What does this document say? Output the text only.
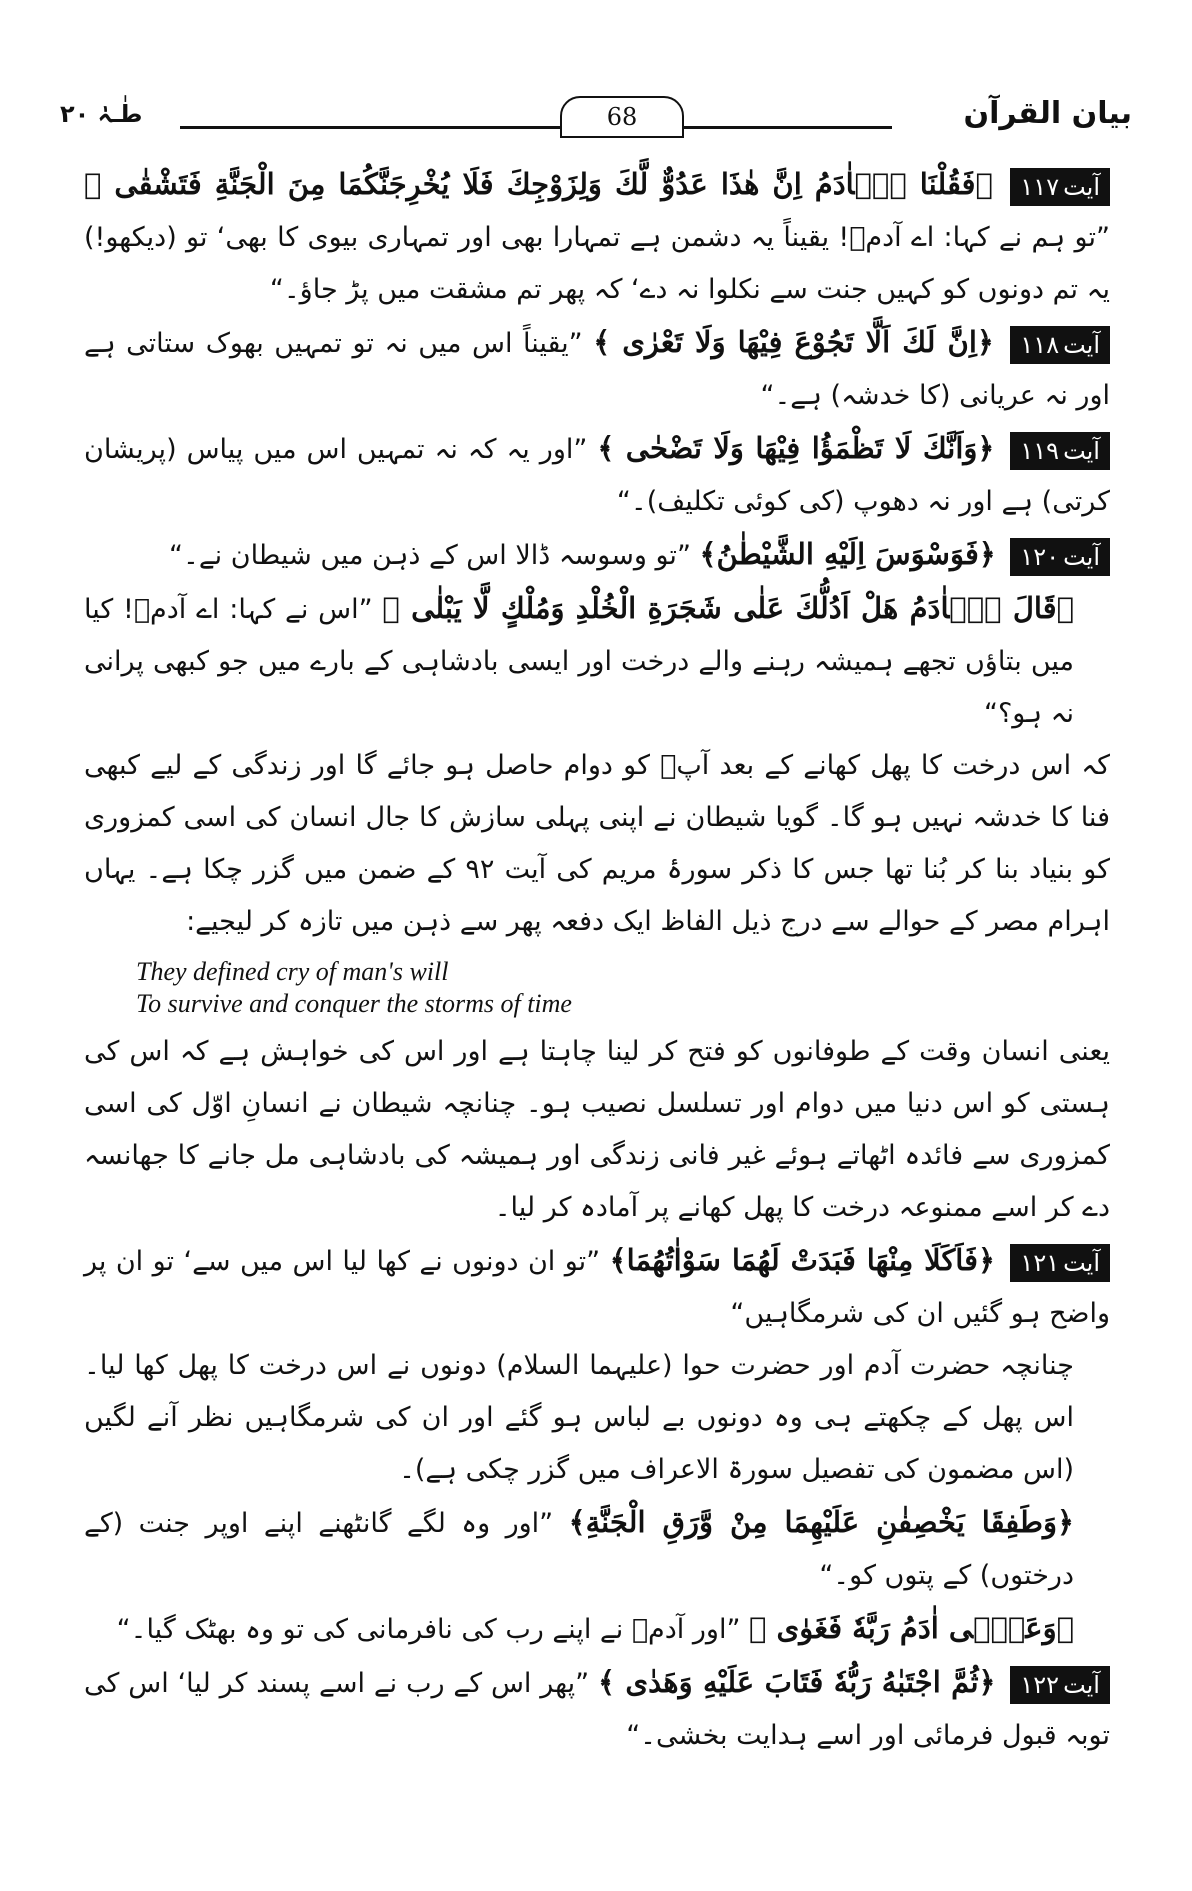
بیان القرآن
68
طٰـہٰ ۲۰

آیت۱۱۷ ﴿فَقُلْنَا یٰۤاٰدَمُ اِنَّ هٰذَا عَدُوٌّ لَّكَ وَلِزَوْجِكَ فَلَا یُخْرِجَنَّكُمَا مِنَ الْجَنَّةِ فَتَشْقٰی ﴾ ”تو ہم نے کہا: اے آدمؑ! یقیناً یہ دشمن ہے تمہارا بھی اور تمہاری بیوی کا بھی‘ تو (دیکھو!) یہ تم دونوں کو کہیں جنت سے نکلوا نہ دے‘ کہ پھر تم مشقت میں پڑ جاؤ۔“

آیت۱۱۸ ﴿اِنَّ لَكَ اَلَّا تَجُوْعَ فِیْهَا وَلَا تَعْرٰی ﴾ ”یقیناً اس میں نہ تو تمہیں بھوک ستاتی ہے اور نہ عریانی (کا خدشہ) ہے۔“

آیت۱۱۹ ﴿وَاَنَّكَ لَا تَظْمَؤُا فِیْهَا وَلَا تَضْحٰی ﴾ ”اور یہ کہ نہ تمہیں اس میں پیاس (پریشان کرتی) ہے اور نہ دھوپ (کی کوئی تکلیف)۔“

آیت۱۲۰ ﴿فَوَسْوَسَ اِلَیْهِ الشَّیْطٰنُ﴾ ”تو وسوسہ ڈالا اس کے ذہن میں شیطان نے۔“

﴿قَالَ یٰۤاٰدَمُ هَلْ اَدُلُّكَ عَلٰی شَجَرَةِ الْخُلْدِ وَمُلْكٍ لَّا یَبْلٰی ﴾ ”اس نے کہا: اے آدمؑ! کیا میں بتاؤں تجھے ہمیشہ رہنے والے درخت اور ایسی بادشاہی کے بارے میں جو کبھی پرانی نہ ہو؟“

کہ اس درخت کا پھل کھانے کے بعد آپؑ کو دوام حاصل ہو جائے گا اور زندگی کے لیے کبھی فنا کا خدشہ نہیں ہو گا۔ گویا شیطان نے اپنی پہلی سازش کا جال انسان کی اسی کمزوری کو بنیاد بنا کر بُنا تھا جس کا ذکر سورۂ مریم کی آیت ۹۲ کے ضمن میں گزر چکا ہے۔ یہاں اہرام مصر کے حوالے سے درج ذیل الفاظ ایک دفعہ پھر سے ذہن میں تازہ کر لیجیے:

They defined cry of man's will
To survive and conquer the storms of time

یعنی انسان وقت کے طوفانوں کو فتح کر لینا چاہتا ہے اور اس کی خواہش ہے کہ اس کی ہستی کو اس دنیا میں دوام اور تسلسل نصیب ہو۔ چنانچہ شیطان نے انسانِ اوّل کی اسی کمزوری سے فائدہ اٹھاتے ہوئے غیر فانی زندگی اور ہمیشہ کی بادشاہی مل جانے کا جھانسہ دے کر اسے ممنوعہ درخت کا پھل کھانے پر آمادہ کر لیا۔

آیت۱۲۱ ﴿فَاَكَلَا مِنْهَا فَبَدَتْ لَهُمَا سَوْاٰتُهُمَا﴾ ”تو ان دونوں نے کھا لیا اس میں سے‘ تو ان پر واضح ہو گئیں ان کی شرمگاہیں“

چنانچہ حضرت آدم اور حضرت حوا (علیہما السلام) دونوں نے اس درخت کا پھل کھا لیا۔ اس پھل کے چکھتے ہی وہ دونوں بے لباس ہو گئے اور ان کی شرمگاہیں نظر آنے لگیں (اس مضمون کی تفصیل سورۃ الاعراف میں گزر چکی ہے)۔

﴿وَطَفِقَا یَخْصِفٰنِ عَلَیْهِمَا مِنْ وَّرَقِ الْجَنَّةِ﴾ ”اور وہ لگے گانٹھنے اپنے اوپر جنت (کے درختوں) کے پتوں کو۔“

﴿وَعَصٰۤی اٰدَمُ رَبَّهٗ فَغَوٰی ﴾ ”اور آدمؑ نے اپنے رب کی نافرمانی کی تو وہ بھٹک گیا۔“

آیت۱۲۲ ﴿ثُمَّ اجْتَبٰهُ رَبُّهٗ فَتَابَ عَلَیْهِ وَهَدٰی ﴾ ”پھر اس کے رب نے اسے پسند کر لیا‘ اس کی توبہ قبول فرمائی اور اسے ہدایت بخشی۔“
